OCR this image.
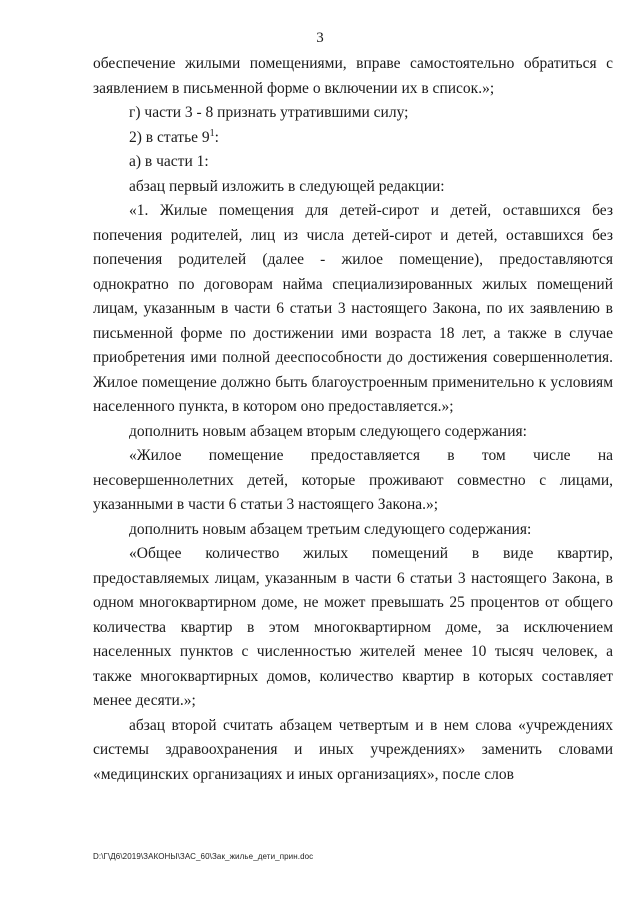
3

обеспечение жилыми помещениями, вправе самостоятельно обратиться с заявлением в письменной форме о включении их в список.»;

г) части 3 - 8 признать утратившими силу;

2) в статье $9^1$:

а) в части 1:

абзац первый изложить в следующей редакции:

«1. Жилые помещения для детей-сирот и детей, оставшихся без попечения родителей, лиц из числа детей-сирот и детей, оставшихся без попечения родителей (далее - жилое помещение), предоставляются однократно по договорам найма специализированных жилых помещений лицам, указанным в части 6 статьи 3 настоящего Закона, по их заявлению в письменной форме по достижении ими возраста 18 лет, а также в случае приобретения ими полной дееспособности до достижения совершеннолетия. Жилое помещение должно быть благоустроенным применительно к условиям населенного пункта, в котором оно предоставляется.»;

дополнить новым абзацем вторым следующего содержания:

«Жилое помещение предоставляется в том числе на несовершеннолетних детей, которые проживают совместно с лицами, указанными в части 6 статьи 3 настоящего Закона.»;

дополнить новым абзацем третьим следующего содержания:

«Общее количество жилых помещений в виде квартир, предоставляемых лицам, указанным в части 6 статьи 3 настоящего Закона, в одном многоквартирном доме, не может превышать 25 процентов от общего количества квартир в этом многоквартирном доме, за исключением населенных пунктов с численностью жителей менее 10 тысяч человек, а также многоквартирных домов, количество квартир в которых составляет менее десяти.»;

абзац второй считать абзацем четвертым и в нем слова «учреждениях системы здравоохранения и иных учреждениях» заменить словами «медицинских организациях и иных организациях», после слов

D:\Г\Д6\2019\ЗАКОНЫ\ЗАС_60\Зак_жилье_дети_прин.doc
